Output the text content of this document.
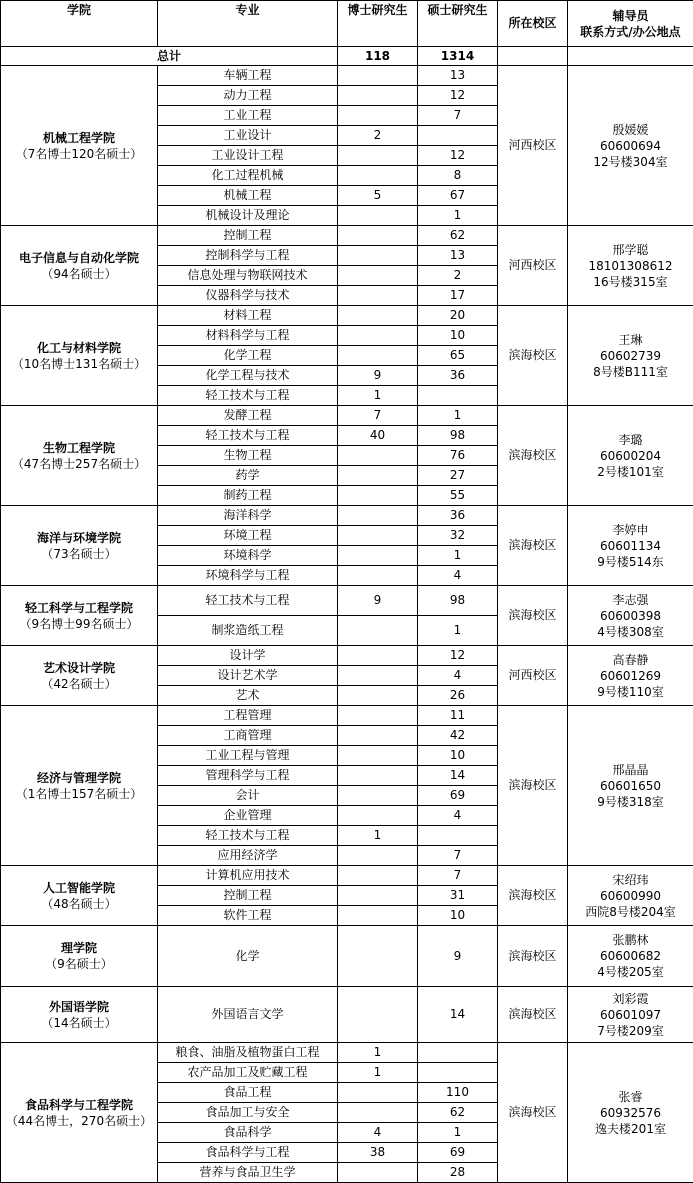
学院	专业	博士研究生	硕士研究生	所在校区	辅导员
联系方式/办公地点

总计		118	1314		

机械工程学院
（7名博士120名硕士）	车辆工程		13	河西校区	殷媛媛
60600694
12号楼304室

	动力工程		12		
	工业工程		7		
	工业设计	2			
	工业设计工程		12		
	化工过程机械		8		
	机械工程	5	67		
	机械设计及理论		1		

电子信息与自动化学院
（94名硕士）	控制工程		62	河西校区	邢学聪
18101308612
16号楼315室

	控制科学与工程		13		
	信息处理与物联网技术		2		
	仪器科学与技术		17		

化工与材料学院
（10名博士131名硕士）	材料工程		20	滨海校区	王琳
60602739
8号楼B111室

	材料科学与工程		10		
	化学工程		65		
	化学工程与技术	9	36		
	轻工技术与工程	1			

生物工程学院
（47名博士257名硕士）	发酵工程	7	1	滨海校区	李璐
60600204
2号楼101室

	轻工技术与工程	40	98		
	生物工程		76		
	药学		27		
	制药工程		55		

海洋与环境学院
（73名硕士）	海洋科学		36	滨海校区	李婷申
60601134
9号楼514东

	环境工程		32		
	环境科学		1		
	环境科学与工程		4		

轻工科学与工程学院
（9名博士99名硕士）	轻工技术与工程	9	98	滨海校区	李志强
60600398
4号楼308室

	制浆造纸工程		1		

艺术设计学院
（42名硕士）	设计学		12	河西校区	高春静
60601269
9号楼110室

	设计艺术学		4		
	艺术		26		

经济与管理学院
（1名博士157名硕士）	工程管理		11	滨海校区	邢晶晶
60601650
9号楼318室

	工商管理		42		
	工业工程与管理		10		
	管理科学与工程		14		
	会计		69		
	企业管理		4		
	轻工技术与工程	1			
	应用经济学		7		

人工智能学院
（48名硕士）	计算机应用技术		7	滨海校区	宋绍玮
60600990
西院8号楼204室

	控制工程		31		
	软件工程		10		

理学院
（9名硕士）	化学		9	滨海校区	张鹏林
60600682
4号楼205室

外国语学院
（14名硕士）	外国语言文学		14	滨海校区	刘彩霞
60601097
7号楼209室

食品科学与工程学院
（44名博士，270名硕士）	粮食、油脂及植物蛋白工程	1		滨海校区	张睿
60932576
逸夫楼201室

	农产品加工及贮藏工程	1			
	食品工程		110		
	食品加工与安全		62		
	食品科学	4	1		
	食品科学与工程	38	69		
	营养与食品卫生学		28		
